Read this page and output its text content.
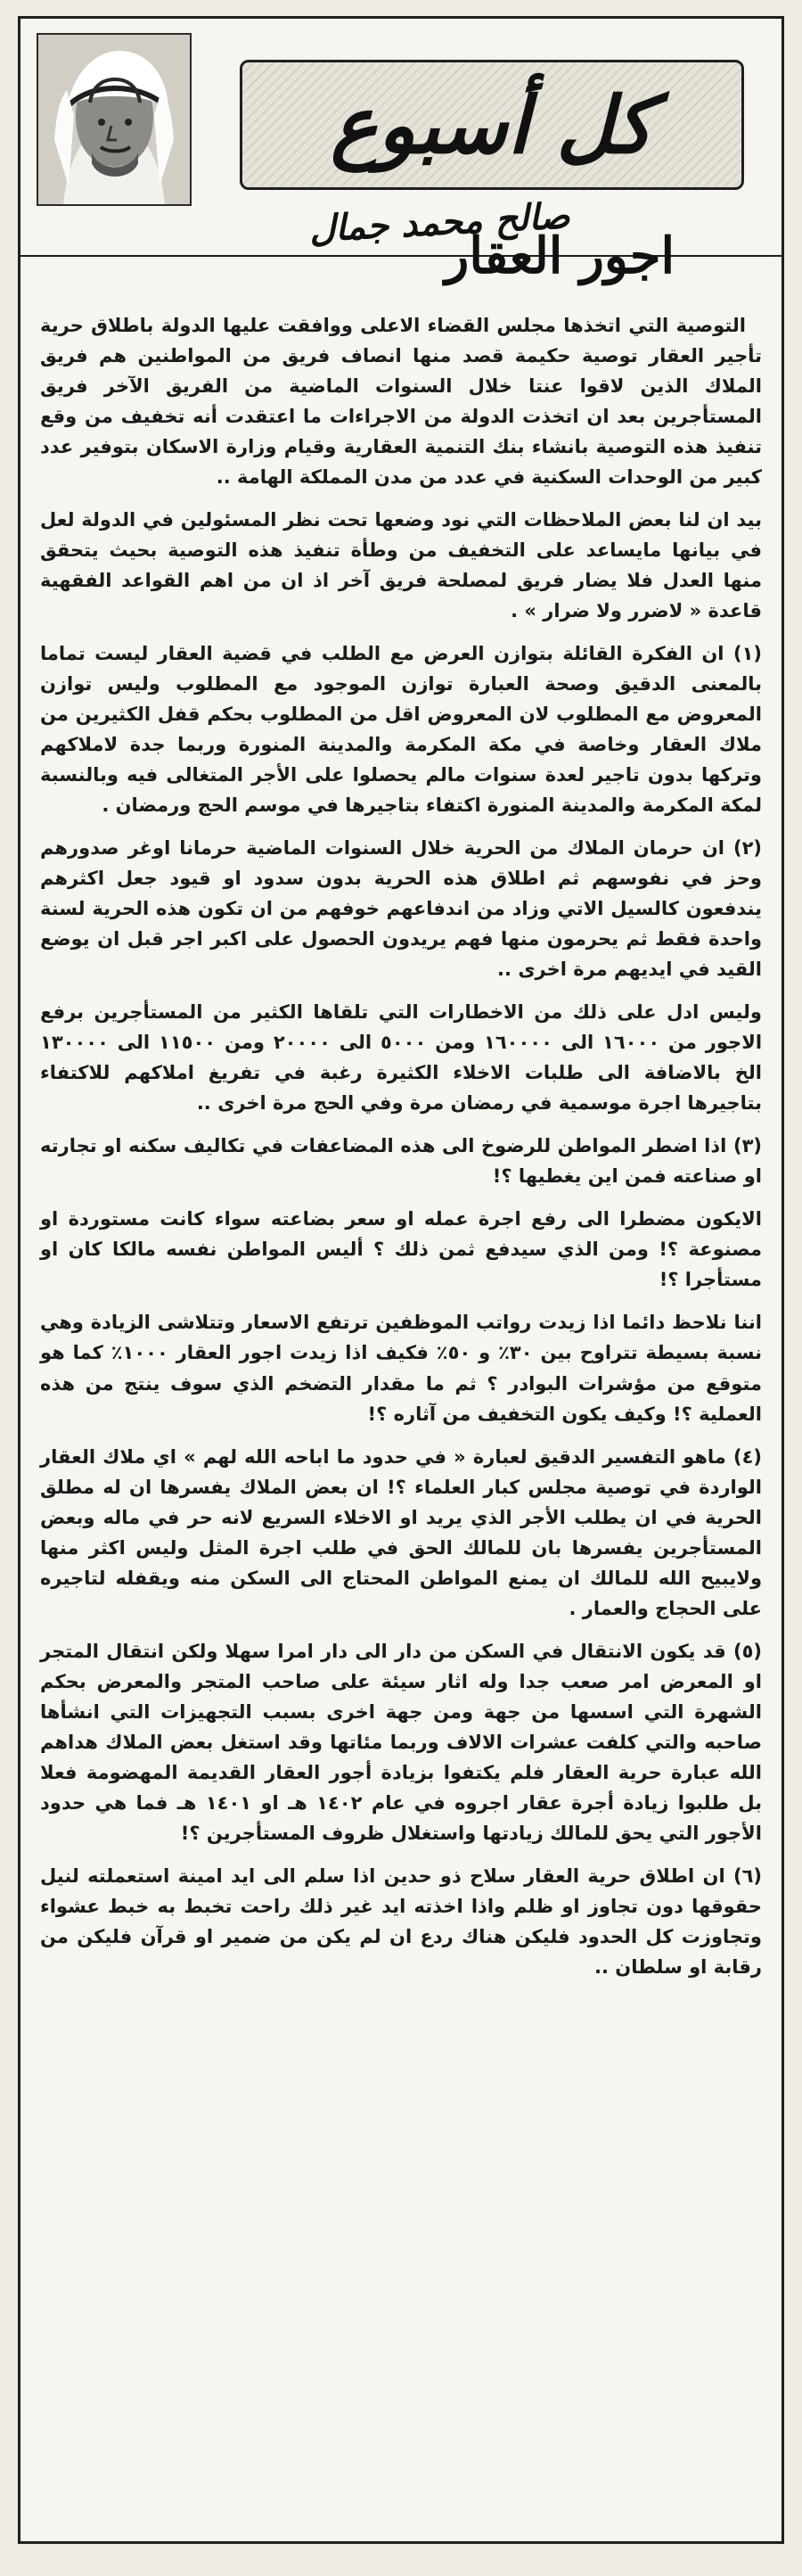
كل أسبوع
صالح محمد جمال
اجور العقار

التوصية التي اتخذها مجلس القضاء الاعلى ووافقت عليها الدولة باطلاق حرية تأجير العقار توصية حكيمة قصد منها انصاف فريق من المواطنين هم فريق الملاك الذين لاقوا عنتا خلال السنوات الماضية من الفريق الآخر فريق المستأجرين بعد ان اتخذت الدولة من الاجراءات ما اعتقدت أنه تخفيف من وقع تنفيذ هذه التوصية بانشاء بنك التنمية العقارية وقيام وزارة الاسكان بتوفير عدد كبير من الوحدات السكنية في عدد من مدن المملكة الهامة ..

بيد ان لنا بعض الملاحظات التي نود وضعها تحت نظر المسئولين في الدولة لعل في بيانها مايساعد على التخفيف من وطأة تنفيذ هذه التوصية بحيث يتحقق منها العدل فلا يضار فريق لمصلحة فريق آخر اذ ان من اهم القواعد الفقهية قاعدة « لاضرر ولا ضرار » .

(١) ان الفكرة القائلة بتوازن العرض مع الطلب في قضية العقار ليست تماما بالمعنى الدقيق وصحة العبارة توازن الموجود مع المطلوب وليس توازن المعروض مع المطلوب لان المعروض اقل من المطلوب بحكم قفل الكثيرين من ملاك العقار وخاصة في مكة المكرمة والمدينة المنورة وربما جدة لاملاكهم وتركها بدون تاجير لعدة سنوات مالم يحصلوا على الأجر المتغالى فيه وبالنسبة لمكة المكرمة والمدينة المنورة اكتفاء بتاجيرها في موسم الحج ورمضان .

(٢) ان حرمان الملاك من الحرية خلال السنوات الماضية حرمانا اوغر صدورهم وحز في نفوسهم ثم اطلاق هذه الحرية بدون سدود او قيود جعل اكثرهم يندفعون كالسيل الاتي وزاد من اندفاعهم خوفهم من ان تكون هذه الحرية لسنة واحدة فقط ثم يحرمون منها فهم يريدون الحصول على اكبر اجر قبل ان يوضع القيد في ايديهم مرة اخرى ..

وليس ادل على ذلك من الاخطارات التي تلقاها الكثير من المستأجرين برفع الاجور من ١٦٠٠٠ الى ١٦٠٠٠٠ ومن ٥٠٠٠ الى ٢٠٠٠٠ ومن ١١٥٠٠ الى ١٣٠٠٠٠ الخ بالاضافة الى طلبات الاخلاء الكثيرة رغبة في تفريغ املاكهم للاكتفاء بتاجيرها اجرة موسمية في رمضان مرة وفي الحج مرة اخرى ..

(٣) اذا اضطر المواطن للرضوخ الى هذه المضاعفات في تكاليف سكنه او تجارته او صناعته فمن اين يغطيها ؟!

الايكون مضطرا الى رفع اجرة عمله او سعر بضاعته سواء كانت مستوردة او مصنوعة ؟! ومن الذي سيدفع ثمن ذلك ؟ أليس المواطن نفسه مالكا كان او مستأجرا ؟!

اننا نلاحظ دائما اذا زيدت رواتب الموظفين ترتفع الاسعار وتتلاشى الزيادة وهي نسبة بسيطة تتراوح بين ٣٠٪ و ٥٠٪ فكيف اذا زيدت اجور العقار ١٠٠٠٪ كما هو متوقع من مؤشرات البوادر ؟ ثم ما مقدار التضخم الذي سوف ينتج من هذه العملية ؟! وكيف يكون التخفيف من آثاره ؟!

(٤) ماهو التفسير الدقيق لعبارة « في حدود ما اباحه الله لهم » اي ملاك العقار الواردة في توصية مجلس كبار العلماء ؟! ان بعض الملاك يفسرها ان له مطلق الحرية في ان يطلب الأجر الذي يريد او الاخلاء السريع لانه حر في ماله وبعض المستأجرين يفسرها بان للمالك الحق في طلب اجرة المثل وليس اكثر منها ولايبيح الله للمالك ان يمنع المواطن المحتاج الى السكن منه ويقفله لتاجيره على الحجاج والعمار .

(٥) قد يكون الانتقال في السكن من دار الى دار امرا سهلا ولكن انتقال المتجر او المعرض امر صعب جدا وله اثار سيئة على صاحب المتجر والمعرض بحكم الشهرة التي اسسها من جهة ومن جهة اخرى بسبب التجهيزات التي انشأها صاحبه والتي كلفت عشرات الالاف وربما مئاتها وقد استغل بعض الملاك هداهم الله عبارة حرية العقار فلم يكتفوا بزيادة أجور العقار القديمة المهضومة فعلا بل طلبوا زيادة أجرة عقار اجروه في عام ١٤٠٢ هـ او ١٤٠١ هـ فما هي حدود الأجور التي يحق للمالك زيادتها واستغلال ظروف المستأجرين ؟!

(٦) ان اطلاق حرية العقار سلاح ذو حدين اذا سلم الى ايد امينة استعملته لنيل حقوقها دون تجاوز او ظلم واذا اخذته ايد غير ذلك راحت تخبط به خبط عشواء وتجاوزت كل الحدود فليكن هناك ردع ان لم يكن من ضمير او قرآن فليكن من رقابة او سلطان ..
